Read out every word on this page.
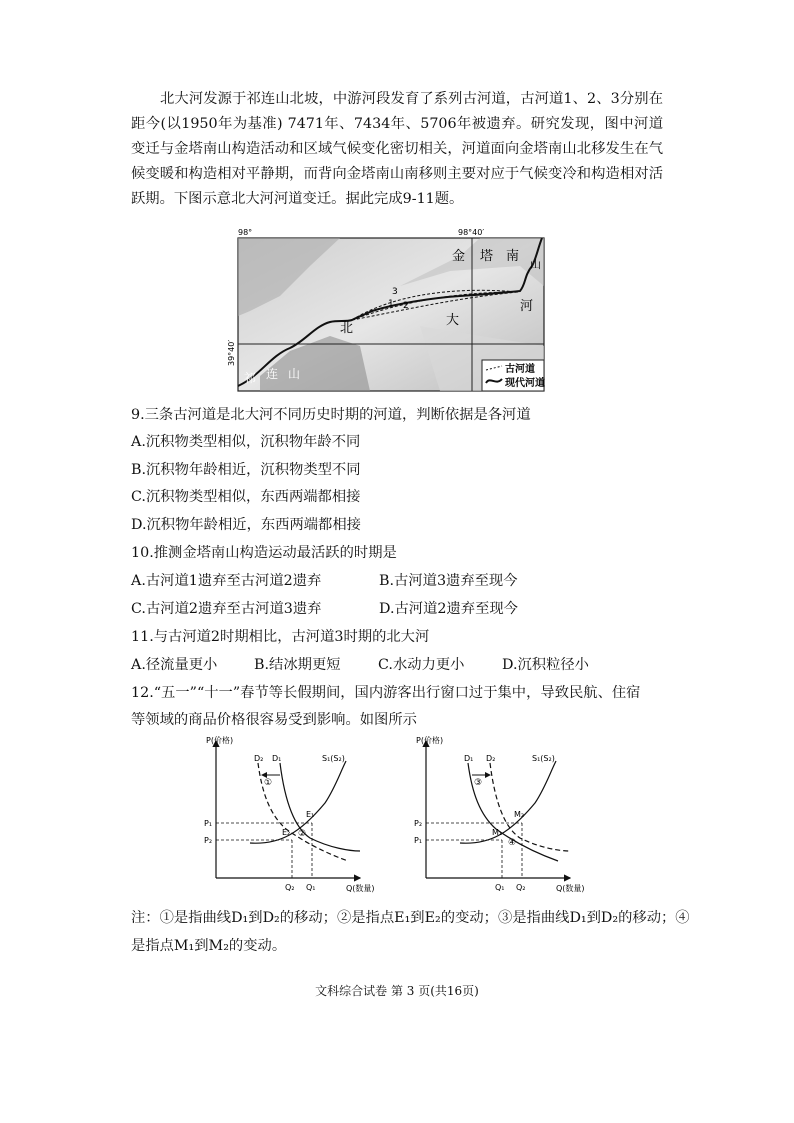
北大河发源于祁连山北坡，中游河段发育了系列古河道，古河道1、2、3分别在距今(以1950年为基准) 7471年、7434年、5706年被遗弃。研究发现，图中河道变迁与金塔南山构造活动和区域气候变化密切相关，河道面向金塔南山北移发生在气候变暖和构造相对平静期，而背向金塔南山南移则主要对应于气候变冷和构造相对活跃期。下图示意北大河河道变迁。据此完成9-11题。
98°	98°40′
39°40′
金 塔 南
山
河
北
大
祁 连 山
3
1 2
古河道
现代河道
9.三条古河道是北大河不同历史时期的河道，判断依据是各河道
A.沉积物类型相似，沉积物年龄不同
B.沉积物年龄相近，沉积物类型不同
C.沉积物类型相似，东西两端都相接
D.沉积物年龄相近，东西两端都相接
10.推测金塔南山构造运动最活跃的时期是
A.古河道1遗弃至古河道2遗弃	B.古河道3遗弃至现今
C.古河道2遗弃至古河道3遗弃	D.古河道2遗弃至现今
11.与古河道2时期相比，古河道3时期的北大河
A.径流量更小	B.结冰期更短	C.水动力更小	D.沉积粒径小
12.“五一”“十一”春节等长假期间，国内游客出行窗口过于集中，导致民航、住宿
等领域的商品价格很容易受到影响。如图所示
P(价格)
Q(数量)
D₂ D₁	S₁(S₂)
P₁
P₂
Q₂ Q₁
E₁
E₂
①
②
P(价格)
Q(数量)
D₁ D₂	S₁(S₂)
P₂
P₁
Q₁ Q₂
M₂
M₁
③
④
注：①是指曲线D₁到D₂的移动；②是指点E₁到E₂的变动；③是指曲线D₁到D₂的移动；④
是指点M₁到M₂的变动。
文科综合试卷 第 3 页(共16页)
